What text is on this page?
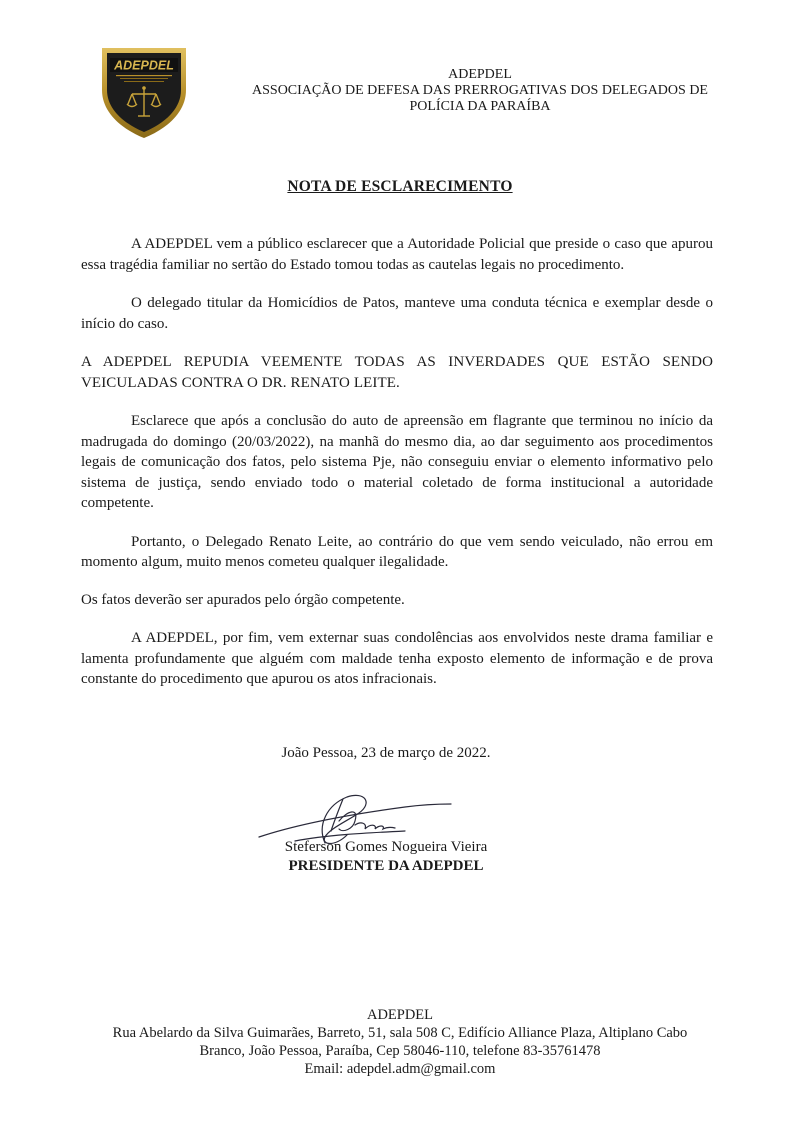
ADEPDEL
ADEPDEL
ASSOCIAÇÃO DE DEFESA DAS PRERROGATIVAS DOS DELEGADOS DE
POLÍCIA DA PARAÍBA
NOTA DE ESCLARECIMENTO

A ADEPDEL vem a público esclarecer que a Autoridade Policial que preside o caso que apurou essa tragédia familiar no sertão do Estado tomou todas as cautelas legais no procedimento.

O delegado titular da Homicídios de Patos, manteve uma conduta técnica e exemplar desde o início do caso.

A ADEPDEL REPUDIA VEEMENTE TODAS AS INVERDADES QUE ESTÃO SENDO VEICULADAS CONTRA O DR. RENATO LEITE.

Esclarece que após a conclusão do auto de apreensão em flagrante que terminou no início da madrugada do domingo (20/03/2022), na manhã do mesmo dia, ao dar seguimento aos procedimentos legais de comunicação dos fatos, pelo sistema Pje, não conseguiu enviar o elemento informativo pelo sistema de justiça, sendo enviado todo o material coletado de forma institucional a autoridade competente.

Portanto, o Delegado Renato Leite, ao contrário do que vem sendo veiculado, não errou em momento algum, muito menos cometeu qualquer ilegalidade.

Os fatos deverão ser apurados pelo órgão competente.

A ADEPDEL, por fim, vem externar suas condolências aos envolvidos neste drama familiar e lamenta profundamente que alguém com maldade tenha exposto elemento de informação e de prova constante do procedimento que apurou os atos infracionais.

João Pessoa, 23 de março de 2022.
Steferson Gomes Nogueira Vieira
PRESIDENTE DA ADEPDEL
ADEPDEL
Rua Abelardo da Silva Guimarães, Barreto, 51, sala 508 C, Edifício Alliance Plaza, Altiplano Cabo
Branco, João Pessoa, Paraíba, Cep 58046-110, telefone 83-35761478
Email: adepdel.adm@gmail.com
